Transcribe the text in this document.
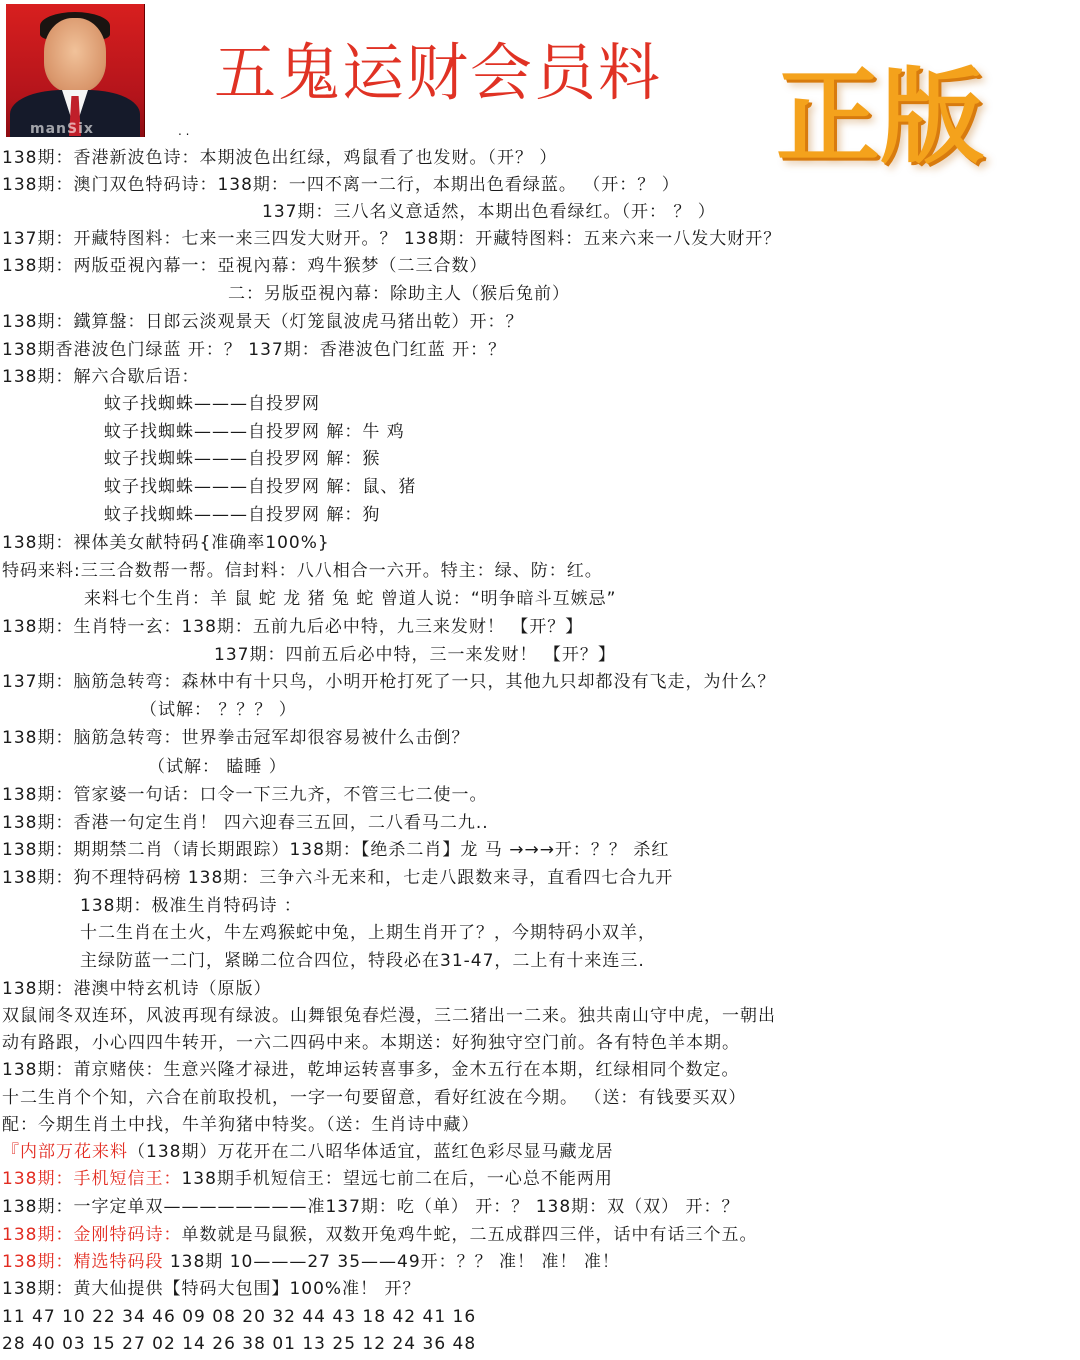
manSix
五鬼运财会员料 正版
. .
138期：香港新波色诗：本期波色出红绿，鸡鼠看了也发财。（开？ ）
138期：澳门双色特码诗：138期：一四不离一二行，本期出色看绿蓝。 （开：？ ）
137期：三八名义意适然，本期出色看绿红。（开： ？ ）
137期：开藏特图料：七来一来三四发大财开。？ 138期：开藏特图料：五来六来一八发大财开？
138期：两版亞視內幕一：亞視內幕：鸡牛猴梦（二三合数）
二：另版亞視內幕：除助主人（猴后兔前）
138期：鐵算盤：日郎云淡观景天（灯笼鼠波虎马猪出乾）开：？
138期香港波色门绿蓝 开：？ 137期：香港波色门红蓝 开：？
138期：解六合歇后语：
蚊子找蜘蛛———自投罗网
蚊子找蜘蛛———自投罗网 解：牛 鸡
蚊子找蜘蛛———自投罗网 解：猴
蚊子找蜘蛛———自投罗网 解：鼠、猪
蚊子找蜘蛛———自投罗网 解：狗
138期：裸体美女献特码{准确率100%}
特码来料:三三合数帮一帮。信封料：八八相合一六开。特主：绿、防：红。
来料七个生肖：羊 鼠 蛇 龙 猪 兔 蛇 曾道人说：“明争暗斗互嫉忌”
138期：生肖特一玄：138期：五前九后必中特，九三来发财！ 【开？】
137期：四前五后必中特，三一来发财！ 【开？】
137期：脑筋急转弯：森林中有十只鸟，小明开枪打死了一只，其他九只却都没有飞走，为什么？
（试解： ？？？ ）
138期：脑筋急转弯：世界拳击冠军却很容易被什么击倒？
（试解： 瞌睡 ）
138期：管家婆一句话：口令一下三九齐，不管三七二使一。
138期：香港一句定生肖！ 四六迎春三五回，二八看马二九..
138期：期期禁二肖（请长期跟踪）138期：【绝杀二肖】龙 马 →→→开：？？ 杀红
138期：狗不理特码榜 138期：三争六斗无来和，七走八跟数来寻，直看四七合九开
138期：极准生肖特码诗 ：
十二生肖在土火，牛左鸡猴蛇中兔，上期生肖开了？，今期特码小双羊，
主绿防蓝一二门，紧睇二位合四位，特段必在31-47，二上有十来连三.
138期：港澳中特玄机诗（原版）
双鼠闹冬双连环，风波再现有绿波。山舞银兔春烂漫，三二猪出一二来。独共南山守中虎，一朝出
动有路跟，小心四四牛转开，一六二四码中来。本期送：好狗独守空门前。各有特色羊本期。
138期：莆京赌侠：生意兴隆才禄进，乾坤运转喜事多，金木五行在本期，红绿相同个数定。
十二生肖个个知，六合在前取投机，一字一句要留意，看好红波在今期。 （送：有钱要买双）
配：今期生肖土中找，牛羊狗猪中特奖。（送：生肖诗中藏）
『内部万花来料（138期）万花开在二八昭华体适宜，蓝红色彩尽显马藏龙居
138期：手机短信王：138期手机短信王：望远七前二在后，一心总不能两用
138期：一字定单双————————准137期：吃（单） 开：？ 138期：双（双） 开：？
138期：金刚特码诗：单数就是马鼠猴，双数开兔鸡牛蛇，二五成群四三伴，话中有话三个五。
138期：精选特码段 138期 10———27 35——49开：？？ 准！ 准！ 准！
138期：黄大仙提供【特码大包围】100%准！ 开？
11 47 10 22 34 46 09 08 20 32 44 43 18 42 41 16
28 40 03 15 27 02 14 26 38 01 13 25 12 24 36 48
